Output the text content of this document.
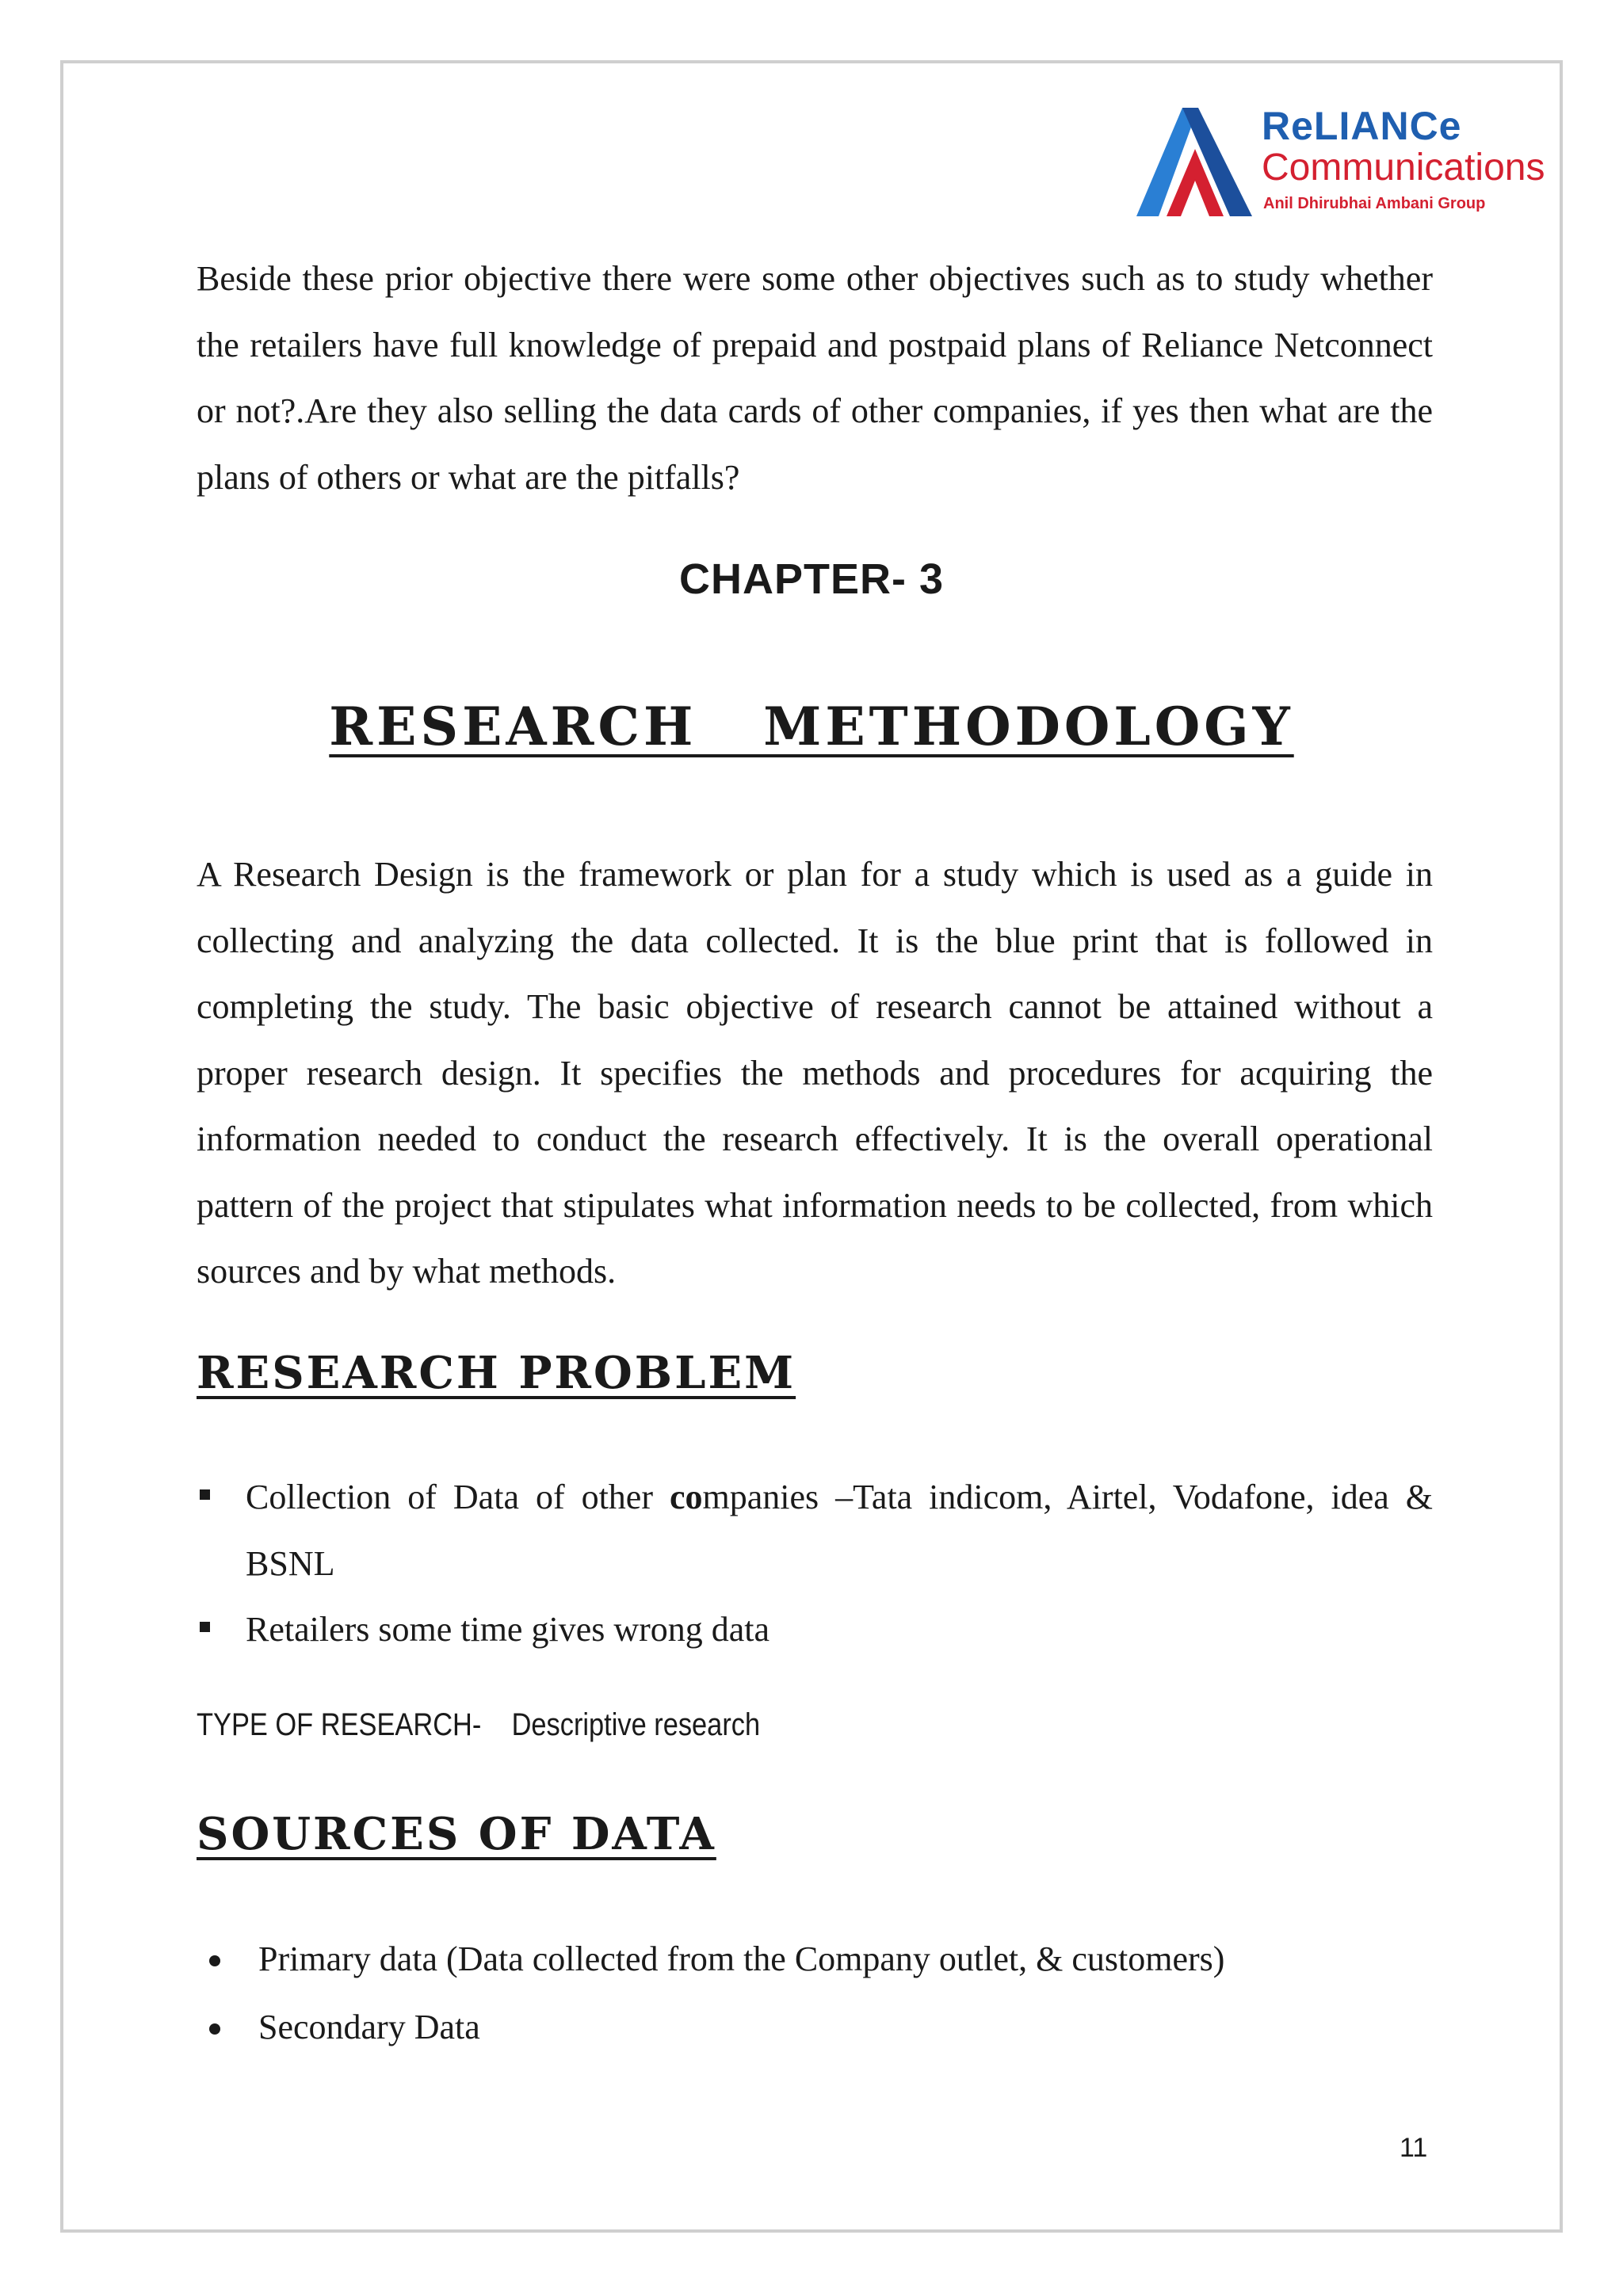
ReLIANCe
Communications
Anil Dhirubhai Ambani Group

Beside these prior objective there were some other objectives such as to study whether the retailers have full knowledge of prepaid and postpaid plans of Reliance Netconnect or not?.Are they also selling the data cards of other companies, if yes then what are the plans of others or what are the pitfalls?

CHAPTER- 3
RESEARCH   METHODOLOGY

A Research Design is the framework or plan for a study which is used as a guide in collecting and analyzing the data collected. It is the blue print that is followed in completing the study. The basic objective of research cannot be attained without a proper research design. It specifies the methods and procedures for acquiring the information needed to conduct the research effectively. It is the overall operational pattern of the project that stipulates what information needs to be collected, from which sources and by what methods.

RESEARCH PROBLEM
Collection of Data of other companies –Tata indicom, Airtel, Vodafone, idea & BSNL
Retailers some time gives wrong data

TYPE OF RESEARCH- Descriptive research

SOURCES OF DATA
Primary data (Data collected from the Company outlet, & customers)
Secondary Data
11
